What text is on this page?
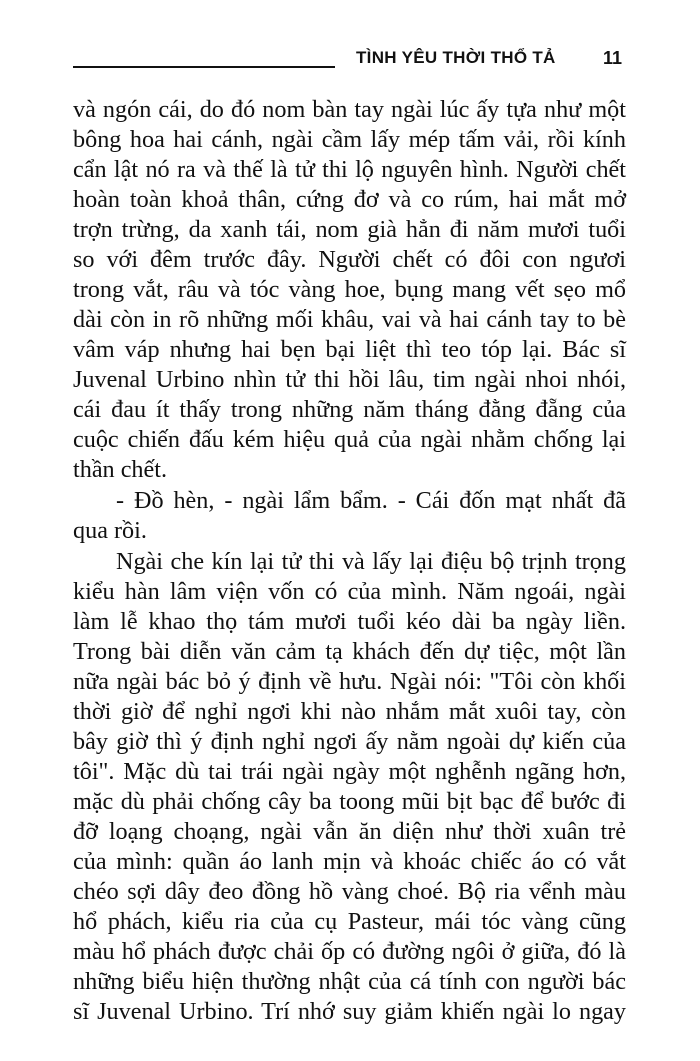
TÌNH YÊU THỜI THỔ TẢ	11
và ngón cái, do đó nom bàn tay ngài lúc ấy tựa như một
bông hoa hai cánh, ngài cầm lấy mép tấm vải, rồi kính
cẩn lật nó ra và thế là tử thi lộ nguyên hình. Người chết
hoàn toàn khoả thân, cứng đơ và co rúm, hai mắt mở
trợn trừng, da xanh tái, nom già hẳn đi năm mươi tuổi
so với đêm trước đây. Người chết có đôi con ngươi
trong vắt, râu và tóc vàng hoe, bụng mang vết sẹo mổ
dài còn in rõ những mối khâu, vai và hai cánh tay to bè
vâm váp nhưng hai bẹn bại liệt thì teo tóp lại. Bác sĩ
Juvenal Urbino nhìn tử thi hồi lâu, tim ngài nhoi nhói,
cái đau ít thấy trong những năm tháng đằng đẵng của
cuộc chiến đấu kém hiệu quả của ngài nhằm chống lại
thần chết.
- Đồ hèn, - ngài lẩm bẩm. - Cái đốn mạt nhất đã
qua rồi.
Ngài che kín lại tử thi và lấy lại điệu bộ trịnh trọng
kiểu hàn lâm viện vốn có của mình. Năm ngoái, ngài
làm lễ khao thọ tám mươi tuổi kéo dài ba ngày liền.
Trong bài diễn văn cảm tạ khách đến dự tiệc, một lần
nữa ngài bác bỏ ý định về hưu. Ngài nói: "Tôi còn khối
thời giờ để nghỉ ngơi khi nào nhắm mắt xuôi tay, còn
bây giờ thì ý định nghỉ ngơi ấy nằm ngoài dự kiến của
tôi". Mặc dù tai trái ngài ngày một nghễnh ngãng hơn,
mặc dù phải chống cây ba toong mũi bịt bạc để bước đi
đỡ loạng choạng, ngài vẫn ăn diện như thời xuân trẻ
của mình: quần áo lanh mịn và khoác chiếc áo có vắt
chéo sợi dây đeo đồng hồ vàng choé. Bộ ria vểnh màu
hổ phách, kiểu ria của cụ Pasteur, mái tóc vàng cũng
màu hổ phách được chải ốp có đường ngôi ở giữa, đó là
những biểu hiện thường nhật của cá tính con người bác
sĩ Juvenal Urbino. Trí nhớ suy giảm khiến ngài lo ngay
